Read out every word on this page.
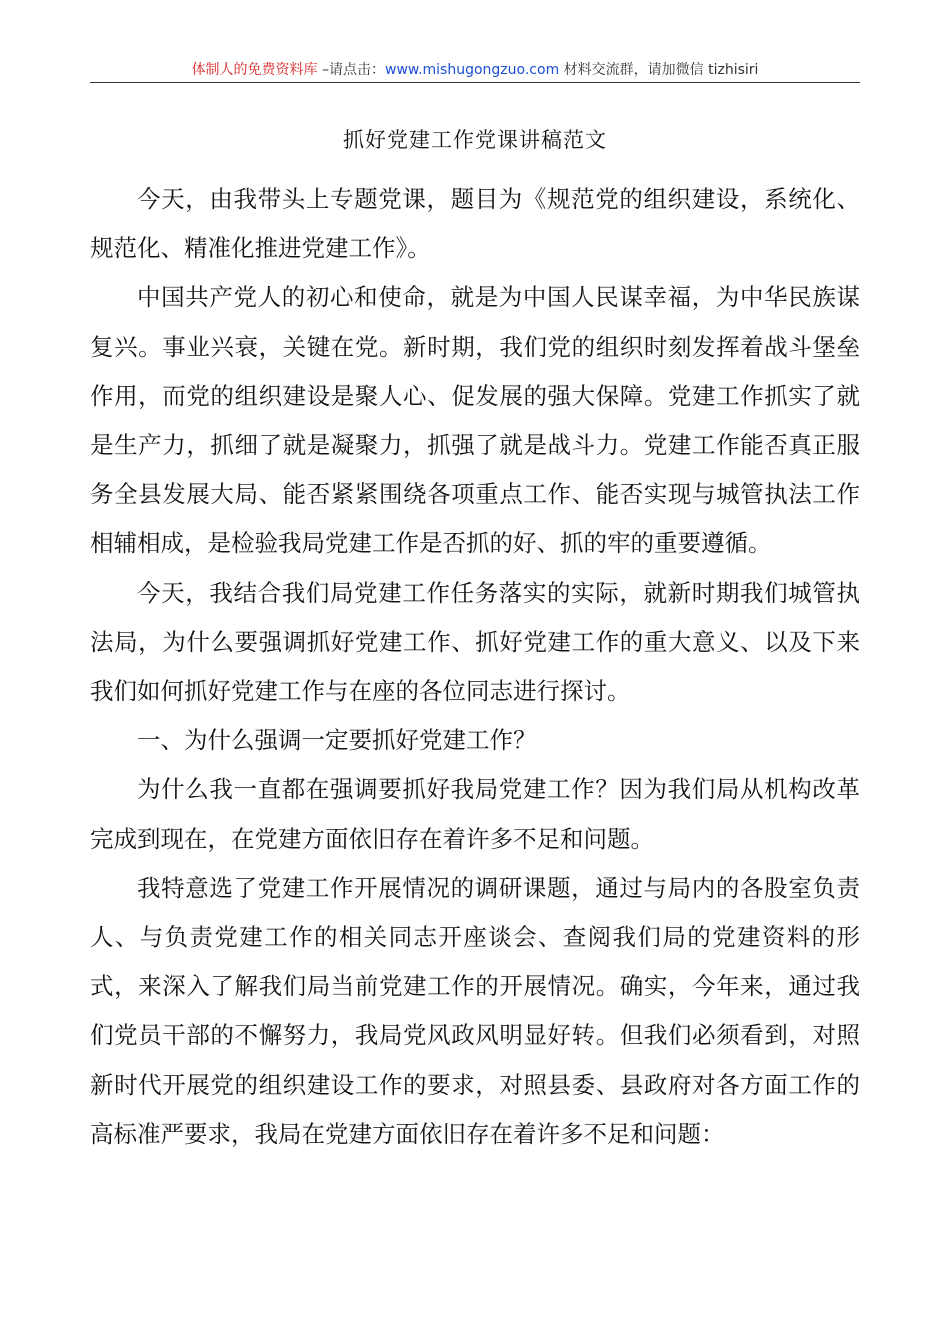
体制人的免费资料库 –请点击：www.mishugongzuo.com 材料交流群，请加微信 tizhisiri
抓好党建工作党课讲稿范文

今天，由我带头上专题党课，题目为《规范党的组织建设，系统化、规范化、精准化推进党建工作》。

中国共产党人的初心和使命，就是为中国人民谋幸福，为中华民族谋复兴。事业兴衰，关键在党。新时期，我们党的组织时刻发挥着战斗堡垒作用，而党的组织建设是聚人心、促发展的强大保障。党建工作抓实了就是生产力，抓细了就是凝聚力，抓强了就是战斗力。党建工作能否真正服务全县发展大局、能否紧紧围绕各项重点工作、能否实现与城管执法工作相辅相成，是检验我局党建工作是否抓的好、抓的牢的重要遵循。

今天，我结合我们局党建工作任务落实的实际，就新时期我们城管执法局，为什么要强调抓好党建工作、抓好党建工作的重大意义、以及下来我们如何抓好党建工作与在座的各位同志进行探讨。

一、为什么强调一定要抓好党建工作？

为什么我一直都在强调要抓好我局党建工作？因为我们局从机构改革完成到现在，在党建方面依旧存在着许多不足和问题。

我特意选了党建工作开展情况的调研课题，通过与局内的各股室负责人、与负责党建工作的相关同志开座谈会、查阅我们局的党建资料的形式，来深入了解我们局当前党建工作的开展情况。确实，今年来，通过我们党员干部的不懈努力，我局党风政风明显好转。但我们必须看到，对照新时代开展党的组织建设工作的要求，对照县委、县政府对各方面工作的高标准严要求，我局在党建方面依旧存在着许多不足和问题：
